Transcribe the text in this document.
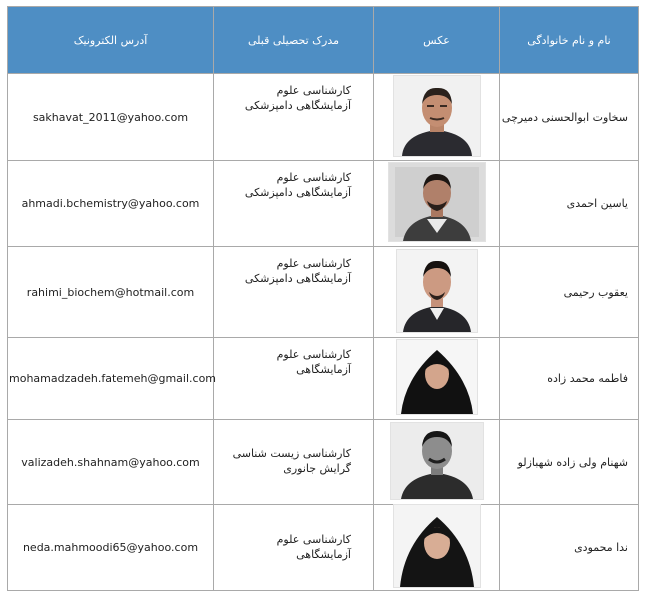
نام و نام خانوادگی	عکس	مدرک تحصیلی قبلی	آدرس الکترونیک
سخاوت ابوالحسنی دمیرچی		کارشناسی علوم آزمایشگاهی دامپزشکی	sakhavat_2011@yahoo.com
یاسین احمدی		کارشناسی علوم آزمایشگاهی دامپزشکی	ahmadi.bchemistry@yahoo.com
یعقوب رحیمی		کارشناسی علوم آزمایشگاهی دامپزشکی	rahimi_biochem@hotmail.com
فاطمه محمد زاده		کارشناسی علوم آزمایشگاهی	mohamadzadeh.fatemeh@gmail.com
شهنام ولی زاده شهبازلو		کارشناسی زیست شناسی گرایش جانوری	valizadeh.shahnam@yahoo.com
ندا محمودی		کارشناسی علوم آزمایشگاهی	neda.mahmoodi65@yahoo.com
